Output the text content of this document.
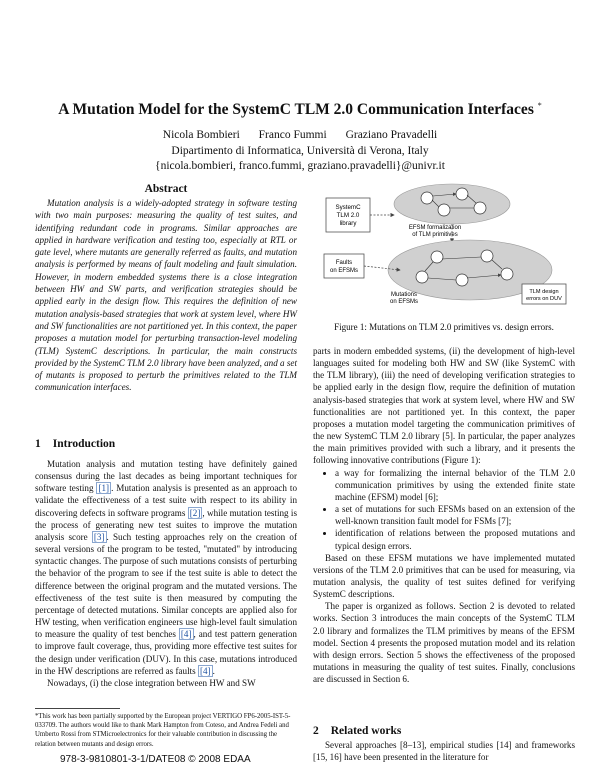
A Mutation Model for the SystemC TLM 2.0 Communication Interfaces *
Nicola Bombieri Franco Fummi Graziano Pravadelli
Dipartimento di Informatica, Università di Verona, Italy
{nicola.bombieri, franco.fummi, graziano.pravadelli}@univr.it
Abstract

Mutation analysis is a widely-adopted strategy in software testing with two main purposes: measuring the quality of test suites, and identifying redundant code in programs. Similar approaches are applied in hardware verification and testing too, especially at RTL or gate level, where mutants are generally referred as faults, and mutation analysis is performed by means of fault modeling and fault simulation. However, in modern embedded systems there is a close integration between HW and SW parts, and verification strategies should be applied early in the design flow. This requires the definition of new mutation analysis-based strategies that work at system level, where HW and SW functionalities are not partitioned yet. In this context, the paper proposes a mutation model for perturbing transaction-level modeling (TLM) SystemC descriptions. In particular, the main constructs provided by the SystemC TLM 2.0 library have been analyzed, and a set of mutants is proposed to perturb the primitives related to the TLM communication interfaces.

1 Introduction

Mutation analysis and mutation testing have definitely gained consensus during the last decades as being important techniques for software testing [1] . Mutation analysis is presented as an approach to validate the effectiveness of a test suite with respect to its ability in discovering defects in software programs [2] , while mutation testing is the process of generating new test suites to improve the mutation analysis score [3] . Such testing approaches rely on the creation of several versions of the program to be tested, "mutated" by introducing syntactic changes. The purpose of such mutations consists of perturbing the behavior of the program to see if the test suite is able to detect the difference between the original program and the mutated versions. The effectiveness of the test suite is then measured by computing the percentage of detected mutations. Similar concepts are applied also for HW testing, when verification engineers use high-level fault simulation to measure the quality of test benches [4] , and test pattern generation to improve fault coverage, thus, providing more effective test suites for the design under verification (DUV). In this case, mutations introduced in the HW descriptions are referred as faults [4] .

Nowadays, (i) the close integration between HW and SW

*This work has been partially supported by the European project VERTIGO FP6-2005-IST-5-033709. The authors would like to thank Mark Hampton from Coteso, and Andrea Fedeli and Umberto Rossi from STMicroelectronics for their valuable contribution in discussing the relation between mutants and design errors.
978-3-9810801-3-1/DATE08 © 2008 EDAA
SystemC
TLM 2.0
library
EFSM formalization
of TLM primitives
Faults
on EFSMs
Mutations
on EFSMs
TLM design
errors on DUV
Figure 1: Mutations on TLM 2.0 primitives vs. design errors.

parts in modern embedded systems, (ii) the development of high-level languages suited for modeling both HW and SW (like SystemC with the TLM library), (iii) the need of developing verification strategies to be applied early in the design flow, require the definition of mutation analysis-based strategies that work at system level, where HW and SW functionalities are not partitioned yet. In this context, the paper proposes a mutation model targeting the communication primitives of the new SystemC TLM 2.0 library [5]. In particular, the paper analyzes the main primitives provided with such a library, and it presents the following innovative contributions (Figure 1):

• a way for formalizing the internal behavior of the TLM 2.0 communication primitives by using the extended finite state machine (EFSM) model [6];
• a set of mutations for such EFSMs based on an extension of the well-known transition fault model for FSMs [7];
• identification of relations between the proposed mutations and typical design errors.

Based on these EFSM mutations we have implemented mutated versions of the TLM 2.0 primitives that can be used for measuring, via mutation analysis, the quality of test suites defined for verifying SystemC descriptions.

The paper is organized as follows. Section 2 is devoted to related works. Section 3 introduces the main concepts of the SystemC TLM 2.0 library and formalizes the TLM primitives by means of the EFSM model. Section 4 presents the proposed mutation model and its relation with design errors. Section 5 shows the effectiveness of the proposed mutations in measuring the quality of test suites. Finally, conclusions are discussed in Section 6.

2 Related works

Several approaches [8–13], empirical studies [14] and frameworks [15, 16] have been presented in the literature for
